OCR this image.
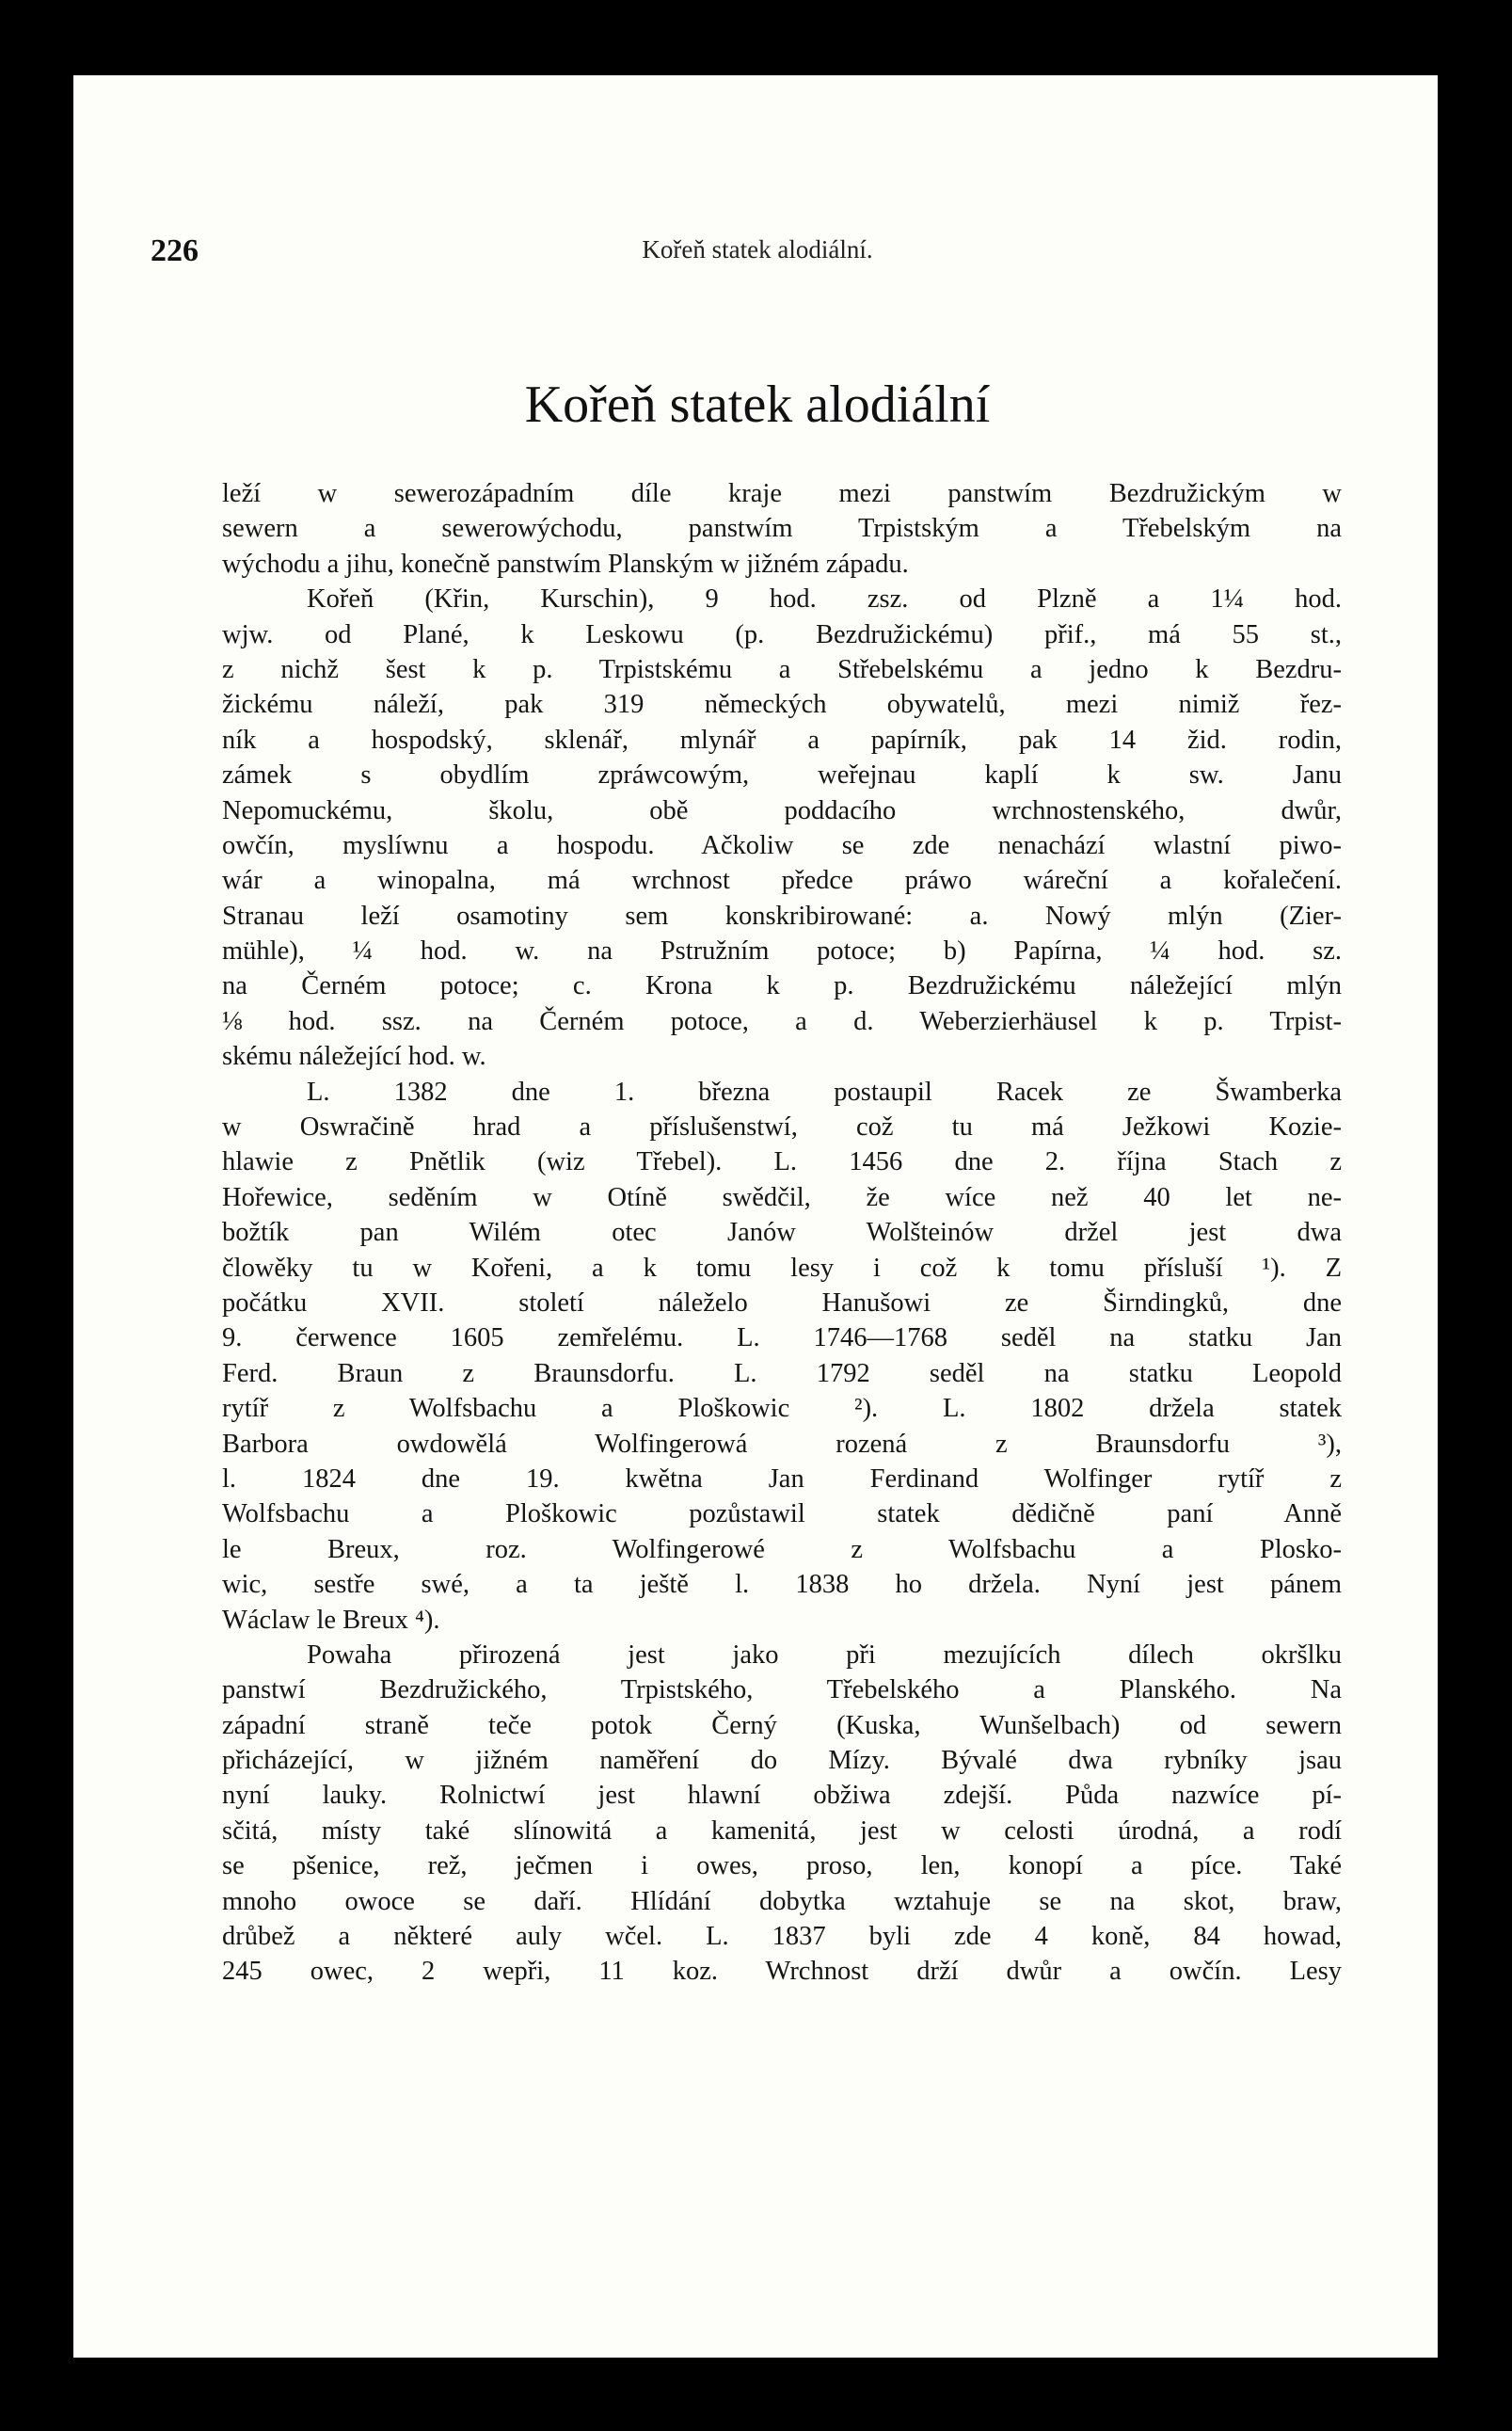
226	Kořeň statek alodiální.
Kořeň statek alodiální
leží w sewerozápadním díle kraje mezi panstwím Bezdružickým w
sewern a sewerowýchodu, panstwím Trpistským a Třebelským na
wýchodu a jihu, konečně panstwím Planským w jižném západu.
Kořeň (Křin, Kurschin), 9 hod. zsz. od Plzně a 1¼ hod.
wjw. od Plané, k Leskowu (p. Bezdružickému) přif., má 55 st.,
z nichž šest k p. Trpistskému a Střebelskému a jedno k Bezdru-
žickému náleží, pak 319 německých obywatelů, mezi nimiž řez-
ník a hospodský, sklenář, mlynář a papírník, pak 14 žid. rodin,
zámek s obydlím zpráwcowým, weřejnau kaplí k sw. Janu
Nepomuckému, školu, obě poddacího wrchnostenského, dwůr,
owčín, myslíwnu a hospodu. Ačkoliw se zde nenachází wlastní piwo-
wár a winopalna, má wrchnost předce práwo wáreční a kořalečení.
Stranau leží osamotiny sem konskribirowané: a. Nowý mlýn (Zier-
mühle), ¼ hod. w. na Pstružním potoce; b) Papírna, ¼ hod. sz.
na Černém potoce; c. Krona k p. Bezdružickému náležející mlýn
⅛ hod. ssz. na Černém potoce, a d. Weberzierhäusel k p. Trpist-
skému náležející hod. w.
L. 1382 dne 1. března postaupil Racek ze Šwamberka
w Oswračině hrad a příslušenstwí, což tu má Ježkowi Kozie-
hlawie z Pnětlik (wiz Třebel). L. 1456 dne 2. října Stach z
Hořewice, seděním w Otíně swědčil, že wíce než 40 let ne-
božtík pan Wilém otec Janów Wolšteinów držel jest dwa
člowěky tu w Kořeni, a k tomu lesy i což k tomu přísluší ¹). Z
počátku XVII. století náleželo Hanušowi ze Širndingků, dne
9. čerwence 1605 zemřelému. L. 1746—1768 seděl na statku Jan
Ferd. Braun z Braunsdorfu. L. 1792 seděl na statku Leopold
rytíř z Wolfsbachu a Ploškowic ²). L. 1802 držela statek
Barbora owdowělá Wolfingerowá rozená z Braunsdorfu ³),
l. 1824 dne 19. kwětna Jan Ferdinand Wolfinger rytíř z
Wolfsbachu a Ploškowic pozůstawil statek dědičně paní Anně
le Breux, roz. Wolfingerowé z Wolfsbachu a Plosko-
wic, sestře swé, a ta ještě l. 1838 ho držela. Nyní jest pánem
Wáclaw le Breux ⁴).
Powaha přirozená jest jako při mezujících dílech okršlku
panstwí Bezdružického, Trpistského, Třebelského a Planského. Na
západní straně teče potok Černý (Kuska, Wunšelbach) od sewern
přicházející, w jižném naměření do Mízy. Bývalé dwa rybníky jsau
nyní lauky. Rolnictwí jest hlawní obžiwa zdejší. Půda nazwíce pí-
sčitá, místy také slínowitá a kamenitá, jest w celosti úrodná, a rodí
se pšenice, rež, ječmen i owes, proso, len, konopí a píce. Také
mnoho owoce se daří. Hlídání dobytka wztahuje se na skot, braw,
drůbež a některé auly wčel. L. 1837 byli zde 4 koně, 84 howad,
245 owec, 2 wepři, 11 koz. Wrchnost drží dwůr a owčín. Lesy
